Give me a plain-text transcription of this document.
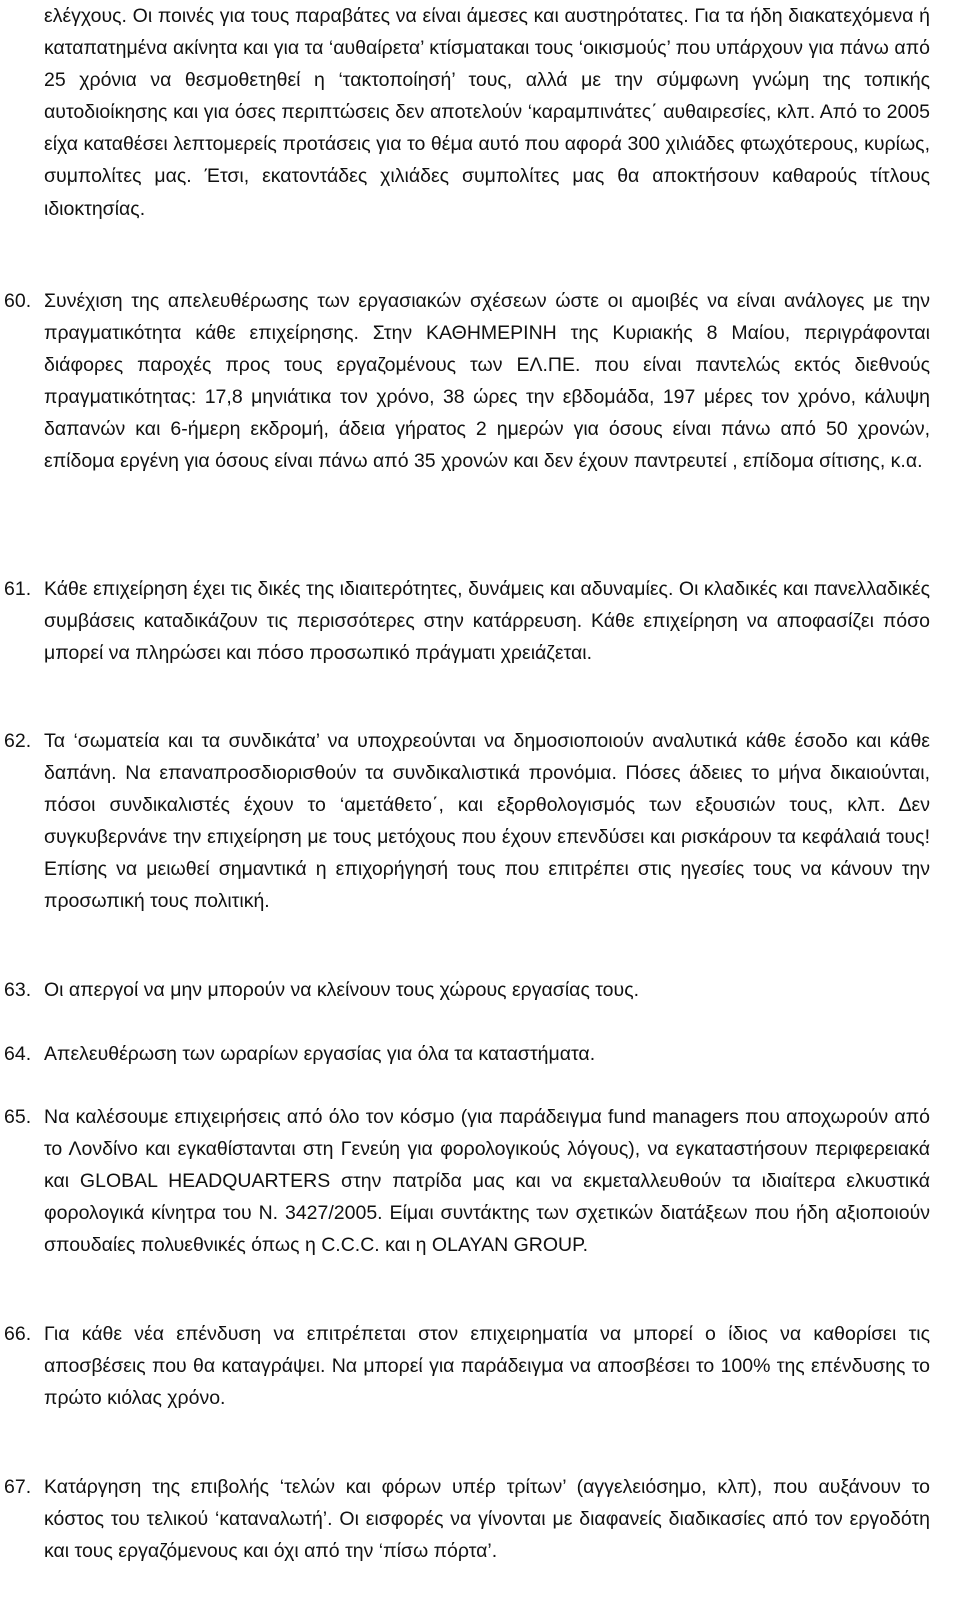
ελέγχους. Οι ποινές για τους παραβάτες να είναι άμεσες και αυστηρότατες. Για τα ήδη διακατεχόμενα ή καταπατημένα ακίνητα και για τα ‘αυθαίρετα’ κτίσματακαι τους ‘οικισμούς’ που υπάρχουν για πάνω από 25 χρόνια να θεσμοθετηθεί η ‘τακτοποίησή’ τους, αλλά με την σύμφωνη γνώμη της τοπικής αυτοδιοίκησης και για όσες περιπτώσεις δεν αποτελούν ‘καραμπινάτες΄ αυθαιρεσίες, κλπ. Από το 2005 είχα καταθέσει λεπτομερείς προτάσεις για το θέμα αυτό που αφορά 300 χιλιάδες φτωχότερους, κυρίως, συμπολίτες μας. Έτσι, εκατοντάδες χιλιάδες συμπολίτες μας θα αποκτήσουν καθαρούς τίτλους ιδιοκτησίας.
60. Συνέχιση της απελευθέρωσης των εργασιακών σχέσεων ώστε οι αμοιβές να είναι ανάλογες με την πραγματικότητα κάθε επιχείρησης. Στην ΚΑΘΗΜΕΡΙΝΗ της Κυριακής 8 Μαίου, περιγράφονται διάφορες παροχές προς τους εργαζομένους των ΕΛ.ΠΕ. που είναι παντελώς εκτός διεθνούς πραγματικότητας: 17,8 μηνιάτικα τον χρόνο, 38 ώρες την εβδομάδα, 197 μέρες τον χρόνο, κάλυψη δαπανών και 6-ήμερη εκδρομή, άδεια γήρατος 2 ημερών για όσους είναι πάνω από 50 χρονών, επίδομα εργένη για όσους είναι πάνω από 35 χρονών και δεν έχουν παντρευτεί , επίδομα σίτισης, κ.α.
61. Κάθε επιχείρηση έχει τις δικές της ιδιαιτερότητες, δυνάμεις και αδυναμίες. Οι κλαδικές και πανελλαδικές συμβάσεις καταδικάζουν τις περισσότερες στην κατάρρευση. Κάθε επιχείρηση να αποφασίζει πόσο μπορεί να πληρώσει και πόσο προσωπικό πράγματι χρειάζεται.
62. Τα ‘σωματεία και τα συνδικάτα’ να υποχρεούνται να δημοσιοποιούν αναλυτικά κάθε έσοδο και κάθε δαπάνη. Να επαναπροσδιορισθούν τα συνδικαλιστικά προνόμια. Πόσες άδειες το μήνα δικαιούνται, πόσοι συνδικαλιστές έχουν το ‘αμετάθετο΄, και εξορθολογισμός των εξουσιών τους, κλπ. Δεν συγκυβερνάνε την επιχείρηση με τους μετόχους που έχουν επενδύσει και ρισκάρουν τα κεφάλαιά τους! Επίσης να μειωθεί σημαντικά η επιχορήγησή τους που επιτρέπει στις ηγεσίες τους να κάνουν την προσωπική τους πολιτική.
63. Οι απεργοί να μην μπορούν να κλείνουν τους χώρους εργασίας τους.
64. Απελευθέρωση των ωραρίων εργασίας για όλα τα καταστήματα.
65. Να καλέσουμε επιχειρήσεις από όλο τον κόσμο (για παράδειγμα fund managers που αποχωρούν από το Λονδίνο και εγκαθίστανται στη Γενεύη για φορολογικούς λόγους), να εγκαταστήσουν περιφερειακά και GLOBAL HEADQUARTERS στην πατρίδα μας και να εκμεταλλευθούν τα ιδιαίτερα ελκυστικά φορολογικά κίνητρα του Ν. 3427/2005. Είμαι συντάκτης των σχετικών διατάξεων που ήδη αξιοποιούν σπουδαίες πολυεθνικές όπως η C.C.C. και η OLAYAN GROUP.
66. Για κάθε νέα επένδυση να επιτρέπεται στον επιχειρηματία να μπορεί ο ίδιος να καθορίσει τις αποσβέσεις που θα καταγράψει. Να μπορεί για παράδειγμα να αποσβέσει το 100% της επένδυσης το πρώτο κιόλας χρόνο.
67. Κατάργηση της επιβολής ‘τελών και φόρων υπέρ τρίτων’ (αγγελειόσημο, κλπ), που αυξάνουν το κόστος του τελικού ‘καταναλωτή’. Οι εισφορές να γίνονται με διαφανείς διαδικασίες από τον εργοδότη και τους εργαζόμενους και όχι από την ‘πίσω πόρτα’.
